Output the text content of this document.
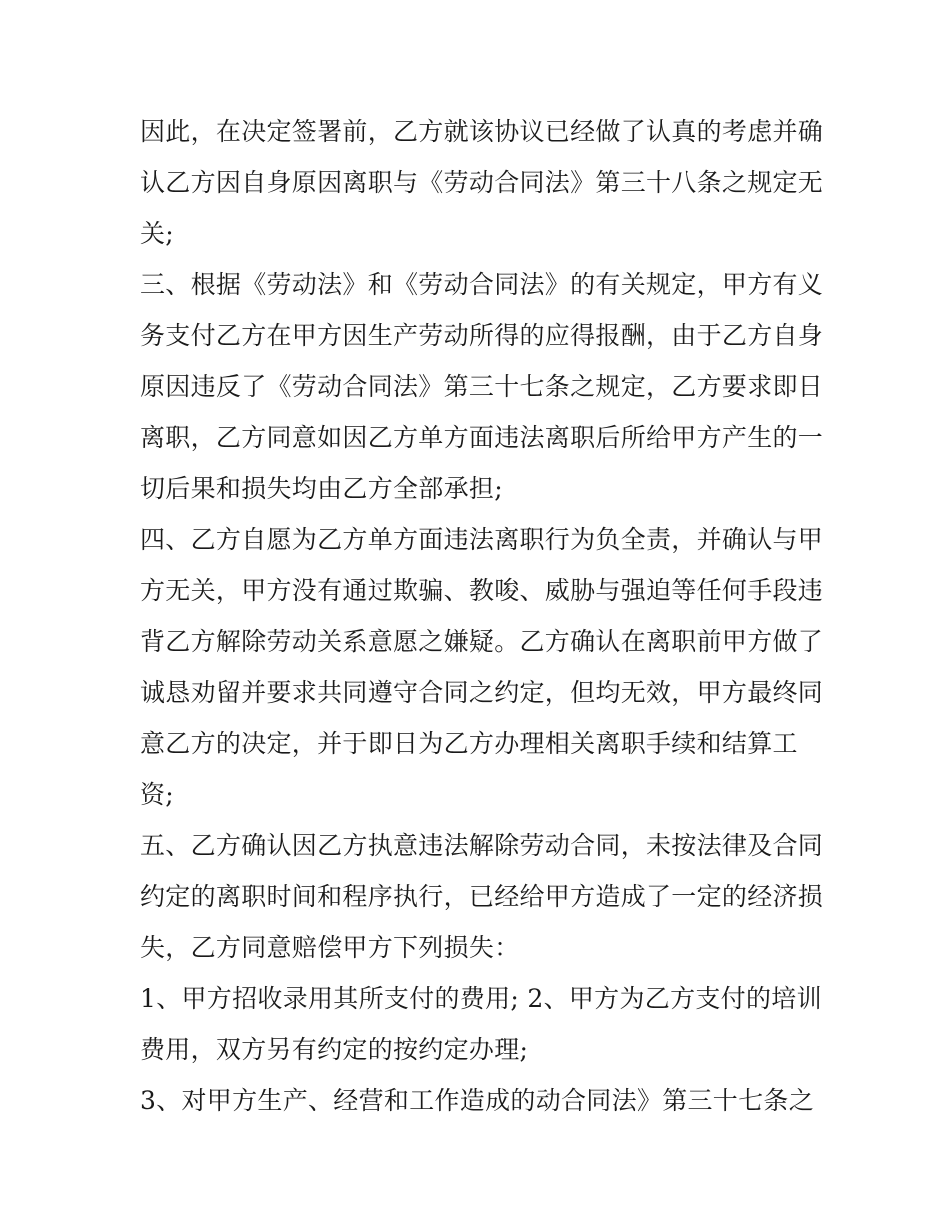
因此，在决定签署前，乙方就该协议已经做了认真的考虑并确
认乙方因自身原因离职与《劳动合同法》第三十八条之规定无
关;
三、根据《劳动法》和《劳动合同法》的有关规定，甲方有义
务支付乙方在甲方因生产劳动所得的应得报酬，由于乙方自身
原因违反了《劳动合同法》第三十七条之规定，乙方要求即日
离职，乙方同意如因乙方单方面违法离职后所给甲方产生的一
切后果和损失均由乙方全部承担;
四、乙方自愿为乙方单方面违法离职行为负全责，并确认与甲
方无关，甲方没有通过欺骗、教唆、威胁与强迫等任何手段违
背乙方解除劳动关系意愿之嫌疑。乙方确认在离职前甲方做了
诚恳劝留并要求共同遵守合同之约定，但均无效，甲方最终同
意乙方的决定，并于即日为乙方办理相关离职手续和结算工
资;
五、乙方确认因乙方执意违法解除劳动合同，未按法律及合同
约定的离职时间和程序执行，已经给甲方造成了一定的经济损
失，乙方同意赔偿甲方下列损失：
1、甲方招收录用其所支付的费用; 2、甲方为乙方支付的培训
费用，双方另有约定的按约定办理;
3、对甲方生产、经营和工作造成的动合同法》第三十七条之
